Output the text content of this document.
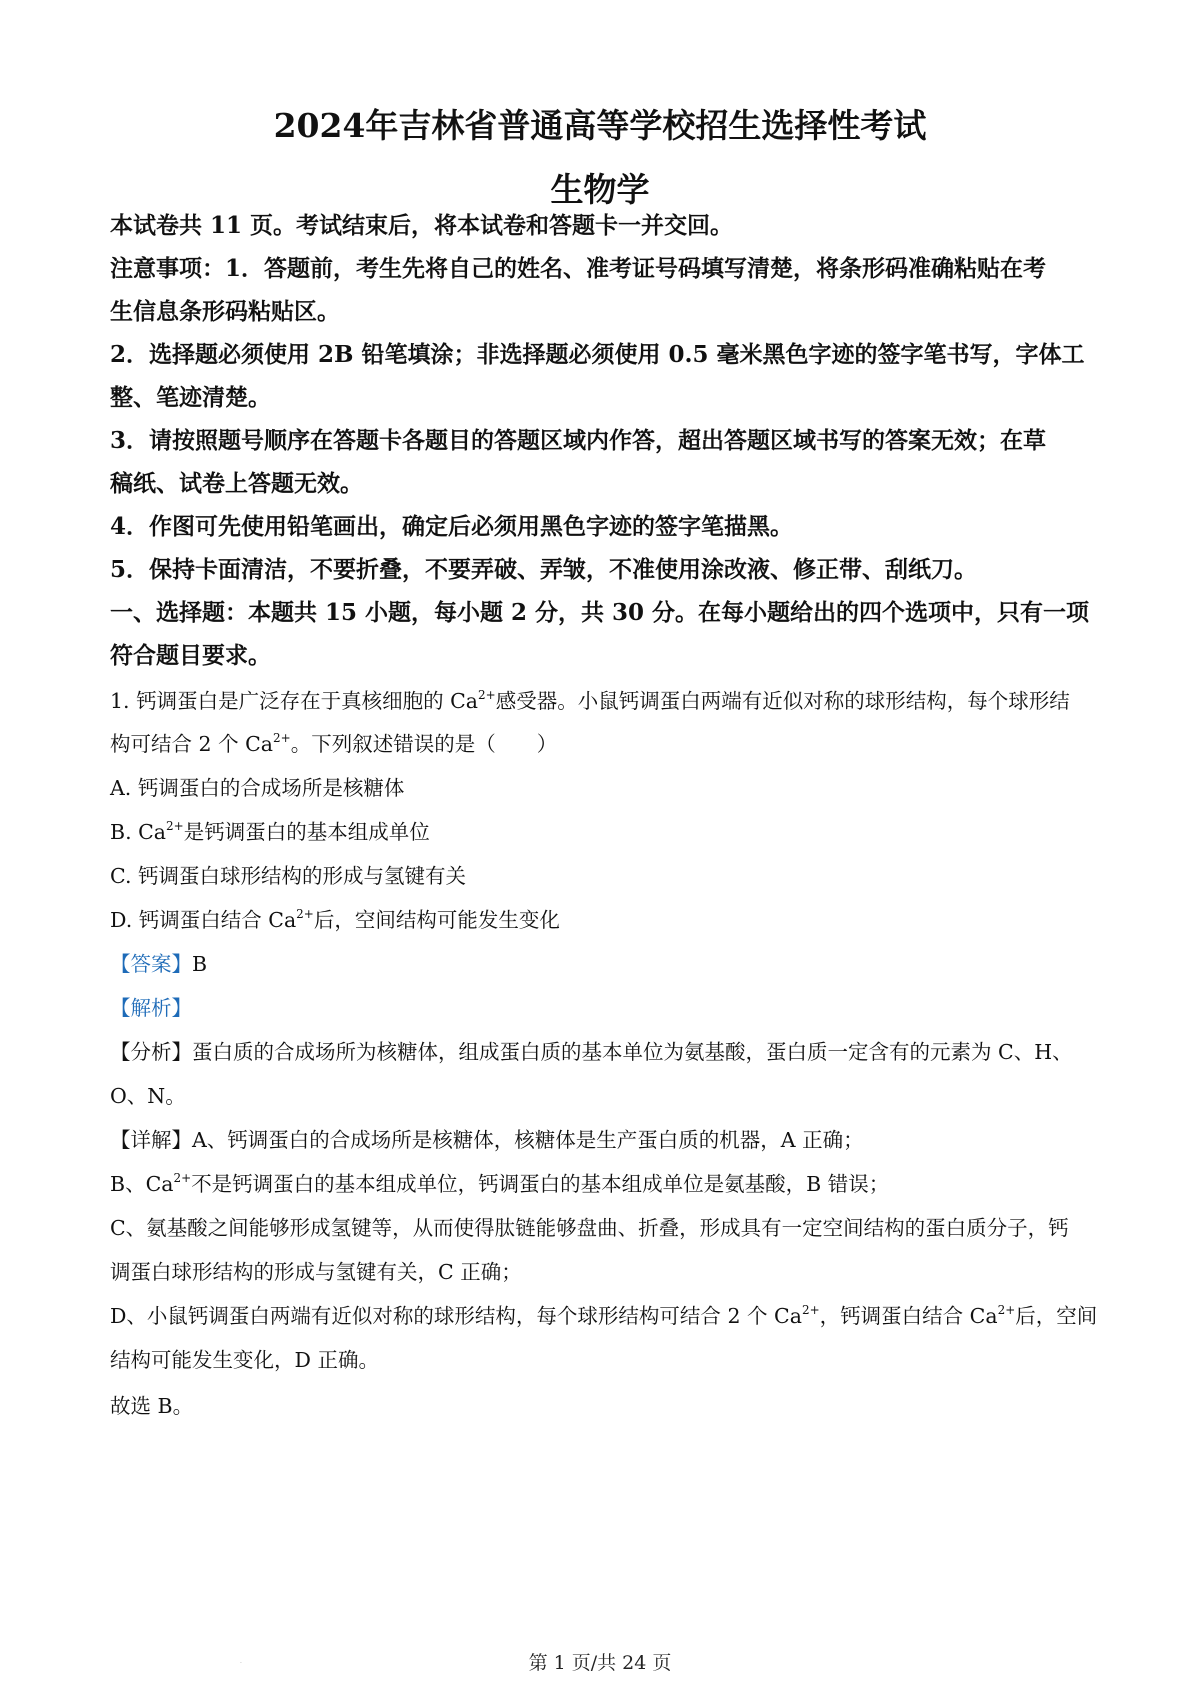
2024年吉林省普通高等学校招生选择性考试
生物学
本试卷共 11 页。考试结束后，将本试卷和答题卡一并交回。
注意事项：1．答题前，考生先将自己的姓名、准考证号码填写清楚，将条形码准确粘贴在考
生信息条形码粘贴区。
2．选择题必须使用 2B 铅笔填涂；非选择题必须使用 0.5 毫米黑色字迹的签字笔书写，字体工
整、笔迹清楚。
3．请按照题号顺序在答题卡各题目的答题区域内作答，超出答题区域书写的答案无效；在草
稿纸、试卷上答题无效。
4．作图可先使用铅笔画出，确定后必须用黑色字迹的签字笔描黑。
5．保持卡面清洁，不要折叠，不要弄破、弄皱，不准使用涂改液、修正带、刮纸刀。
一、选择题：本题共 15 小题，每小题 2 分，共 30 分。在每小题给出的四个选项中，只有一项
符合题目要求。
1. 钙调蛋白是广泛存在于真核细胞的 $Ca^{2+}$感受器。小鼠钙调蛋白两端有近似对称的球形结构，每个球形结
构可结合 2 个 $Ca^{2+}$。下列叙述错误的是（　　）
A. 钙调蛋白的合成场所是核糖体
B. $Ca^{2+}$是钙调蛋白的基本组成单位
C. 钙调蛋白球形结构的形成与氢键有关
D. 钙调蛋白结合 $Ca^{2+}$后，空间结构可能发生变化
【答案】B
【解析】
【分析】蛋白质的合成场所为核糖体，组成蛋白质的基本单位为氨基酸，蛋白质一定含有的元素为 C、H、
O、N。
【详解】A、钙调蛋白的合成场所是核糖体，核糖体是生产蛋白质的机器，A 正确；
B、$Ca^{2+}$不是钙调蛋白的基本组成单位，钙调蛋白的基本组成单位是氨基酸，B 错误；
C、氨基酸之间能够形成氢键等，从而使得肽链能够盘曲、折叠，形成具有一定空间结构的蛋白质分子，钙
调蛋白球形结构的形成与氢键有关，C 正确；
D、小鼠钙调蛋白两端有近似对称的球形结构，每个球形结构可结合 2 个 $Ca^{2+}$，钙调蛋白结合 $Ca^{2+}$后，空间
结构可能发生变化，D 正确。
故选 B。
·	第 1 页/共 24 页
